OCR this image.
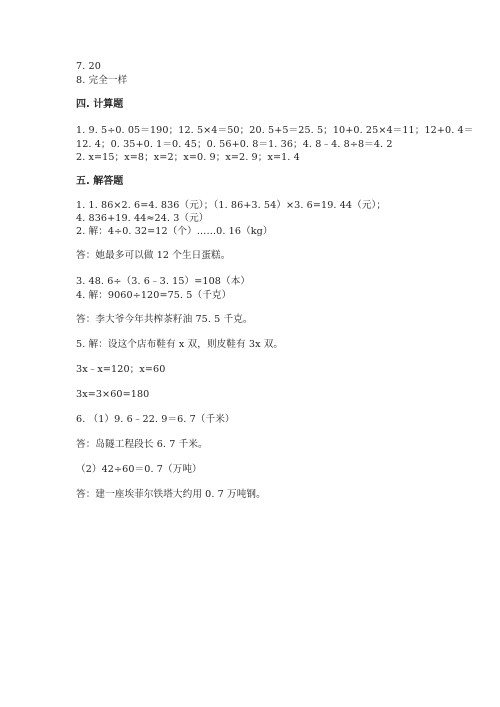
7. 20
8. 完全一样
四. 计算题
1. 9. 5÷0. 05＝190；12. 5×4＝50；20. 5+5＝25. 5；10+0. 25×4＝11；12+0. 4＝
12. 4；0. 35+0. 1＝0. 45；0. 56+0. 8＝1. 36；4. 8﹣4. 8÷8＝4. 2
2. x=15；x=8；x=2；x=0. 9；x=2. 9；x=1. 4
五. 解答题
1. 1. 86×2. 6=4. 836（元）；（1. 86+3. 54）×3. 6=19. 44（元）；
4. 836+19. 44≈24. 3（元）
2. 解：4÷0. 32=12（个）……0. 16（kg）
答：她最多可以做 12 个生日蛋糕。
3. 48. 6÷（3. 6﹣3. 15）=108（本）
4. 解：9060÷120=75. 5（千克）
答：李大爷今年共榨茶籽油 75. 5 千克。
5. 解：设这个店布鞋有 x 双，则皮鞋有 3x 双。
3x﹣x=120；x=60
3x=3×60=180
6. （1）9. 6﹣22. 9＝6. 7（千米）
答：岛隧工程段长 6. 7 千米。
（2）42÷60＝0. 7（万吨）
答：建一座埃菲尔铁塔大约用 0. 7 万吨钢。
